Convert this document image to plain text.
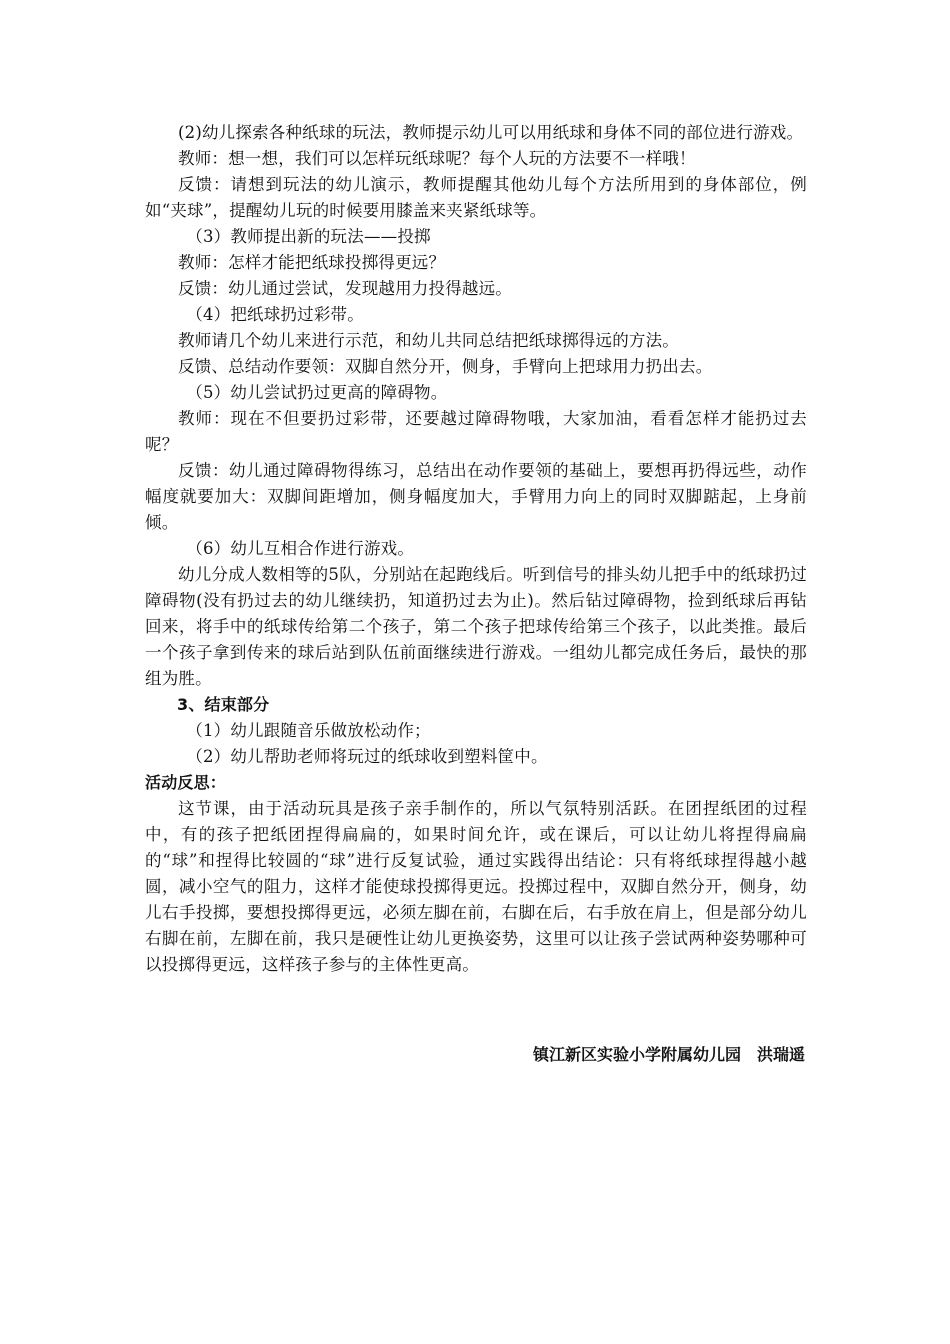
(2)幼儿探索各种纸球的玩法，教师提示幼儿可以用纸球和身体不同的部位进行游戏。

教师：想一想，我们可以怎样玩纸球呢？每个人玩的方法要不一样哦！

反馈：请想到玩法的幼儿演示，教师提醒其他幼儿每个方法所用到的身体部位，例如“夹球”，提醒幼儿玩的时候要用膝盖来夹紧纸球等。

（3）教师提出新的玩法——投掷

教师：怎样才能把纸球投掷得更远？

反馈：幼儿通过尝试，发现越用力投得越远。

（4）把纸球扔过彩带。

教师请几个幼儿来进行示范，和幼儿共同总结把纸球掷得远的方法。

反馈、总结动作要领：双脚自然分开，侧身，手臂向上把球用力扔出去。

（5）幼儿尝试扔过更高的障碍物。

教师：现在不但要扔过彩带，还要越过障碍物哦，大家加油，看看怎样才能扔过去呢？

反馈：幼儿通过障碍物得练习，总结出在动作要领的基础上，要想再扔得远些，动作幅度就要加大：双脚间距增加，侧身幅度加大，手臂用力向上的同时双脚踮起，上身前倾。

（6）幼儿互相合作进行游戏。

幼儿分成人数相等的5队，分别站在起跑线后。听到信号的排头幼儿把手中的纸球扔过障碍物(没有扔过去的幼儿继续扔，知道扔过去为止)。然后钻过障碍物，捡到纸球后再钻回来，将手中的纸球传给第二个孩子，第二个孩子把球传给第三个孩子，以此类推。最后一个孩子拿到传来的球后站到队伍前面继续进行游戏。一组幼儿都完成任务后，最快的那组为胜。

3、结束部分

（1）幼儿跟随音乐做放松动作；

（2）幼儿帮助老师将玩过的纸球收到塑料筐中。

活动反思：

这节课，由于活动玩具是孩子亲手制作的，所以气氛特别活跃。在团捏纸团的过程中，有的孩子把纸团捏得扁扁的，如果时间允许，或在课后，可以让幼儿将捏得扁扁的“球”和捏得比较圆的“球”进行反复试验，通过实践得出结论：只有将纸球捏得越小越圆，减小空气的阻力，这样才能使球投掷得更远。投掷过程中，双脚自然分开，侧身，幼儿右手投掷，要想投掷得更远，必须左脚在前，右脚在后，右手放在肩上，但是部分幼儿右脚在前，左脚在前，我只是硬性让幼儿更换姿势，这里可以让孩子尝试两种姿势哪种可以投掷得更远，这样孩子参与的主体性更高。

镇江新区实验小学附属幼儿园　洪瑞遥
